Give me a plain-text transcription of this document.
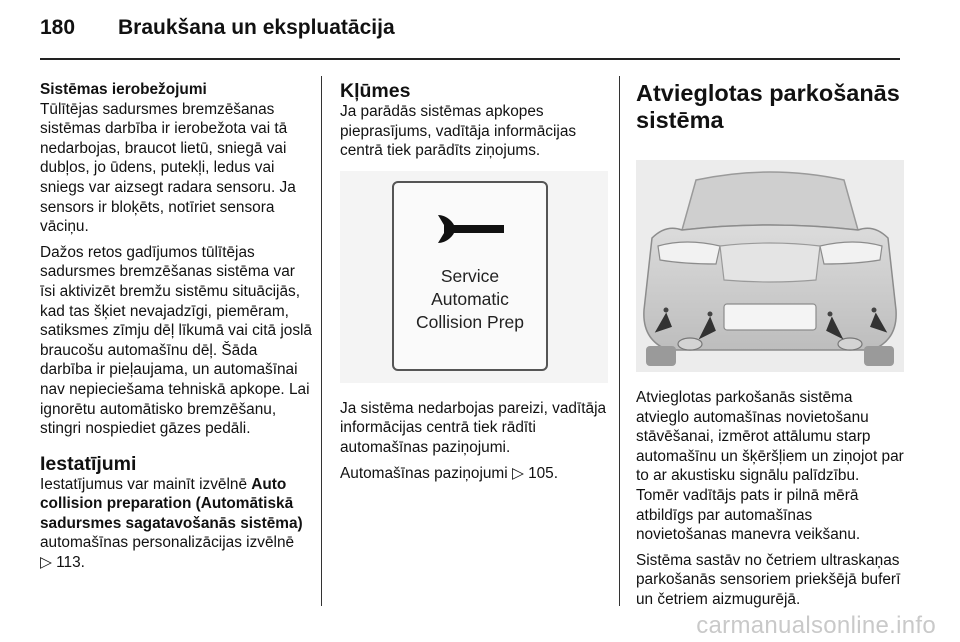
180 Braukšana un ekspluatācija
Sistēmas ierobežojumi

Tūlītējas sadursmes bremzēšanas sistēmas darbība ir ierobežota vai tā nedarbojas, braucot lietū, sniegā vai dubļos, jo ūdens, putekļi, ledus vai sniegs var aizsegt radara sensoru. Ja sensors ir bloķēts, notīriet sensora vāciņu.

Dažos retos gadījumos tūlītējas sadursmes bremzēšanas sistēma var īsi aktivizēt bremžu sistēmu situācijās, kad tas šķiet nevajadzīgi, piemēram, satiksmes zīmju dēļ līkumā vai citā joslā braucošu automašīnu dēļ. Šāda darbība ir pieļaujama, un automašīnai nav nepieciešama tehniskā apkope. Lai ignorētu automātisko bremzēšanu, stingri nospiediet gāzes pedāli.

Iestatījumi

Iestatījumus var mainīt izvēlnē Auto collision preparation (Automātiskā sadursmes sagatavošanās sistēma) automašīnas personalizācijas izvēlnē
▷ 113.

Kļūmes

Ja parādās sistēmas apkopes pieprasījums, vadītāja informācijas centrā tiek parādīts ziņojums.

Service
Automatic
Collision Prep

Ja sistēma nedarbojas pareizi, vadītāja informācijas centrā tiek rādīti automašīnas paziņojumi.

Automašīnas paziņojumi ▷ 105.

Atvieglotas parkošanās sistēma

Atvieglotas parkošanās sistēma atvieglo automašīnas novietošanu stāvēšanai, izmērot attālumu starp automašīnu un šķēršļiem un ziņojot par to ar akustisku signālu palīdzību. Tomēr vadītājs pats ir pilnā mērā atbildīgs par automašīnas novietošanas manevra veikšanu.

Sistēma sastāv no četriem ultraskaņas parkošanās sensoriem priekšējā buferī un četriem aizmugurējā.

carmanualsonline.info
